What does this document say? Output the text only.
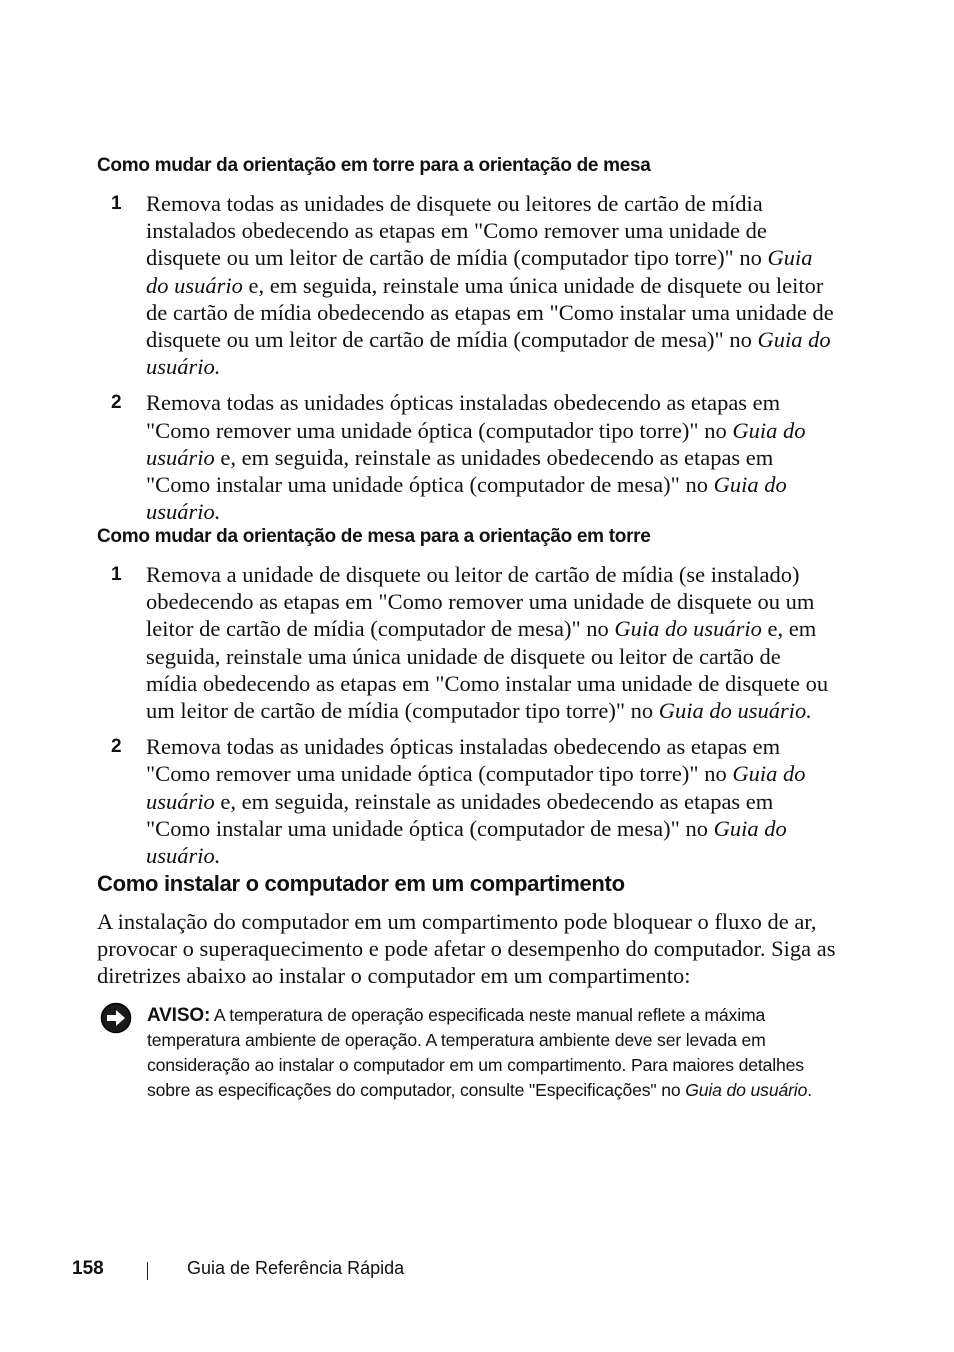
Como mudar da orientação em torre para a orientação de mesa
1 Remova todas as unidades de disquete ou leitores de cartão de mídia instalados obedecendo as etapas em "Como remover uma unidade de disquete ou um leitor de cartão de mídia (computador tipo torre)" no Guia do usuário e, em seguida, reinstale uma única unidade de disquete ou leitor de cartão de mídia obedecendo as etapas em "Como instalar uma unidade de disquete ou um leitor de cartão de mídia (computador de mesa)" no Guia do usuário.
2 Remova todas as unidades ópticas instaladas obedecendo as etapas em "Como remover uma unidade óptica (computador tipo torre)" no Guia do usuário e, em seguida, reinstale as unidades obedecendo as etapas em "Como instalar uma unidade óptica (computador de mesa)" no Guia do usuário.
Como mudar da orientação de mesa para a orientação em torre
1 Remova a unidade de disquete ou leitor de cartão de mídia (se instalado) obedecendo as etapas em "Como remover uma unidade de disquete ou um leitor de cartão de mídia (computador de mesa)" no Guia do usuário e, em seguida, reinstale uma única unidade de disquete ou leitor de cartão de mídia obedecendo as etapas em "Como instalar uma unidade de disquete ou um leitor de cartão de mídia (computador tipo torre)" no Guia do usuário.
2 Remova todas as unidades ópticas instaladas obedecendo as etapas em "Como remover uma unidade óptica (computador tipo torre)" no Guia do usuário e, em seguida, reinstale as unidades obedecendo as etapas em "Como instalar uma unidade óptica (computador de mesa)" no Guia do usuário.
Como instalar o computador em um compartimento
A instalação do computador em um compartimento pode bloquear o fluxo de ar, provocar o superaquecimento e pode afetar o desempenho do computador. Siga as diretrizes abaixo ao instalar o computador em um compartimento:
AVISO: A temperatura de operação especificada neste manual reflete a máxima temperatura ambiente de operação. A temperatura ambiente deve ser levada em consideração ao instalar o computador em um compartimento. Para maiores detalhes sobre as especificações do computador, consulte "Especificações" no Guia do usuário.
158	Guia de Referência Rápida
